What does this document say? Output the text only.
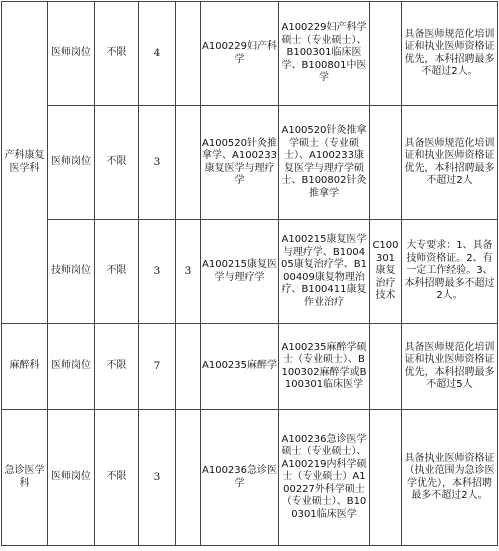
产科康复医学科	医师岗位	不限	4		A100229妇产科学	A100229妇产科学硕士（专业硕士）、B100301临床医学、B100801中医学		具备医师规范化培训证和执业医师资格证优先，本科招聘最多不超过2人。
	医师岗位	不限	3		A100520针灸推拿学、A100233康复医学与理疗学	A100520针灸推拿学硕士（专业硕士）、A100233康复医学与理疗学硕士、B100802针灸推拿学		具备医师规范化培训证和执业医师资格证优先，本科招聘最多不超过2人
	技师岗位	不限	3	3	A100215康复医学与理疗学	A100215康复医学与理疗学、B100405康复治疗学、B100409康复物理治疗、B100411康复作业治疗	C100301康复治疗技术	大专要求：1、具备技师资格证。2、有一定工作经验。3、本科招聘最多不超过2人。
麻醉科	医师岗位	不限	7		A100235麻醉学	A100235麻醉学硕士（专业硕士）、B100302麻醉学或B100301临床医学		具备医师规范化培训证和执业医师资格证优先，本科招聘最多不超过5人
急诊医学科	医师岗位	不限	3		A100236急诊医学	A100236急诊医学硕士（专业硕士）、A100219内科学硕士（专业硕士）A100227外科学硕士（专业硕士）、B100301临床医学		具备执业医师资格证（执业范围为急诊医学优先），本科招聘最多不超过2人。
